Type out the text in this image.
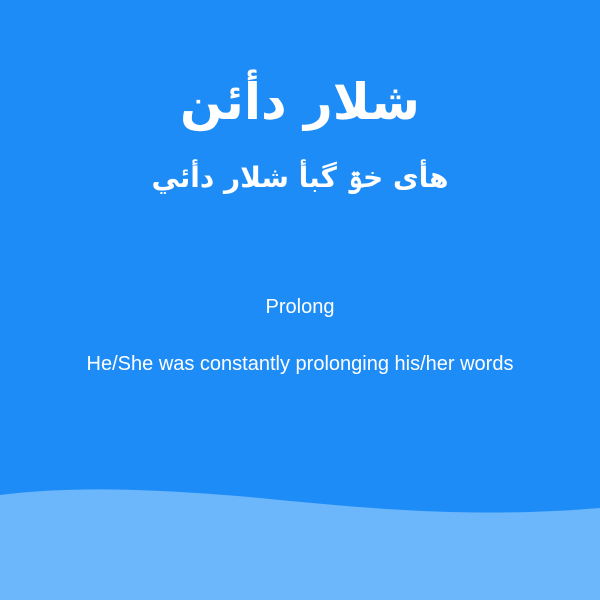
شلار دأئن
هأی خۊ گبأ شلار دأئي
Prolong
He/She was constantly prolonging his/her words
